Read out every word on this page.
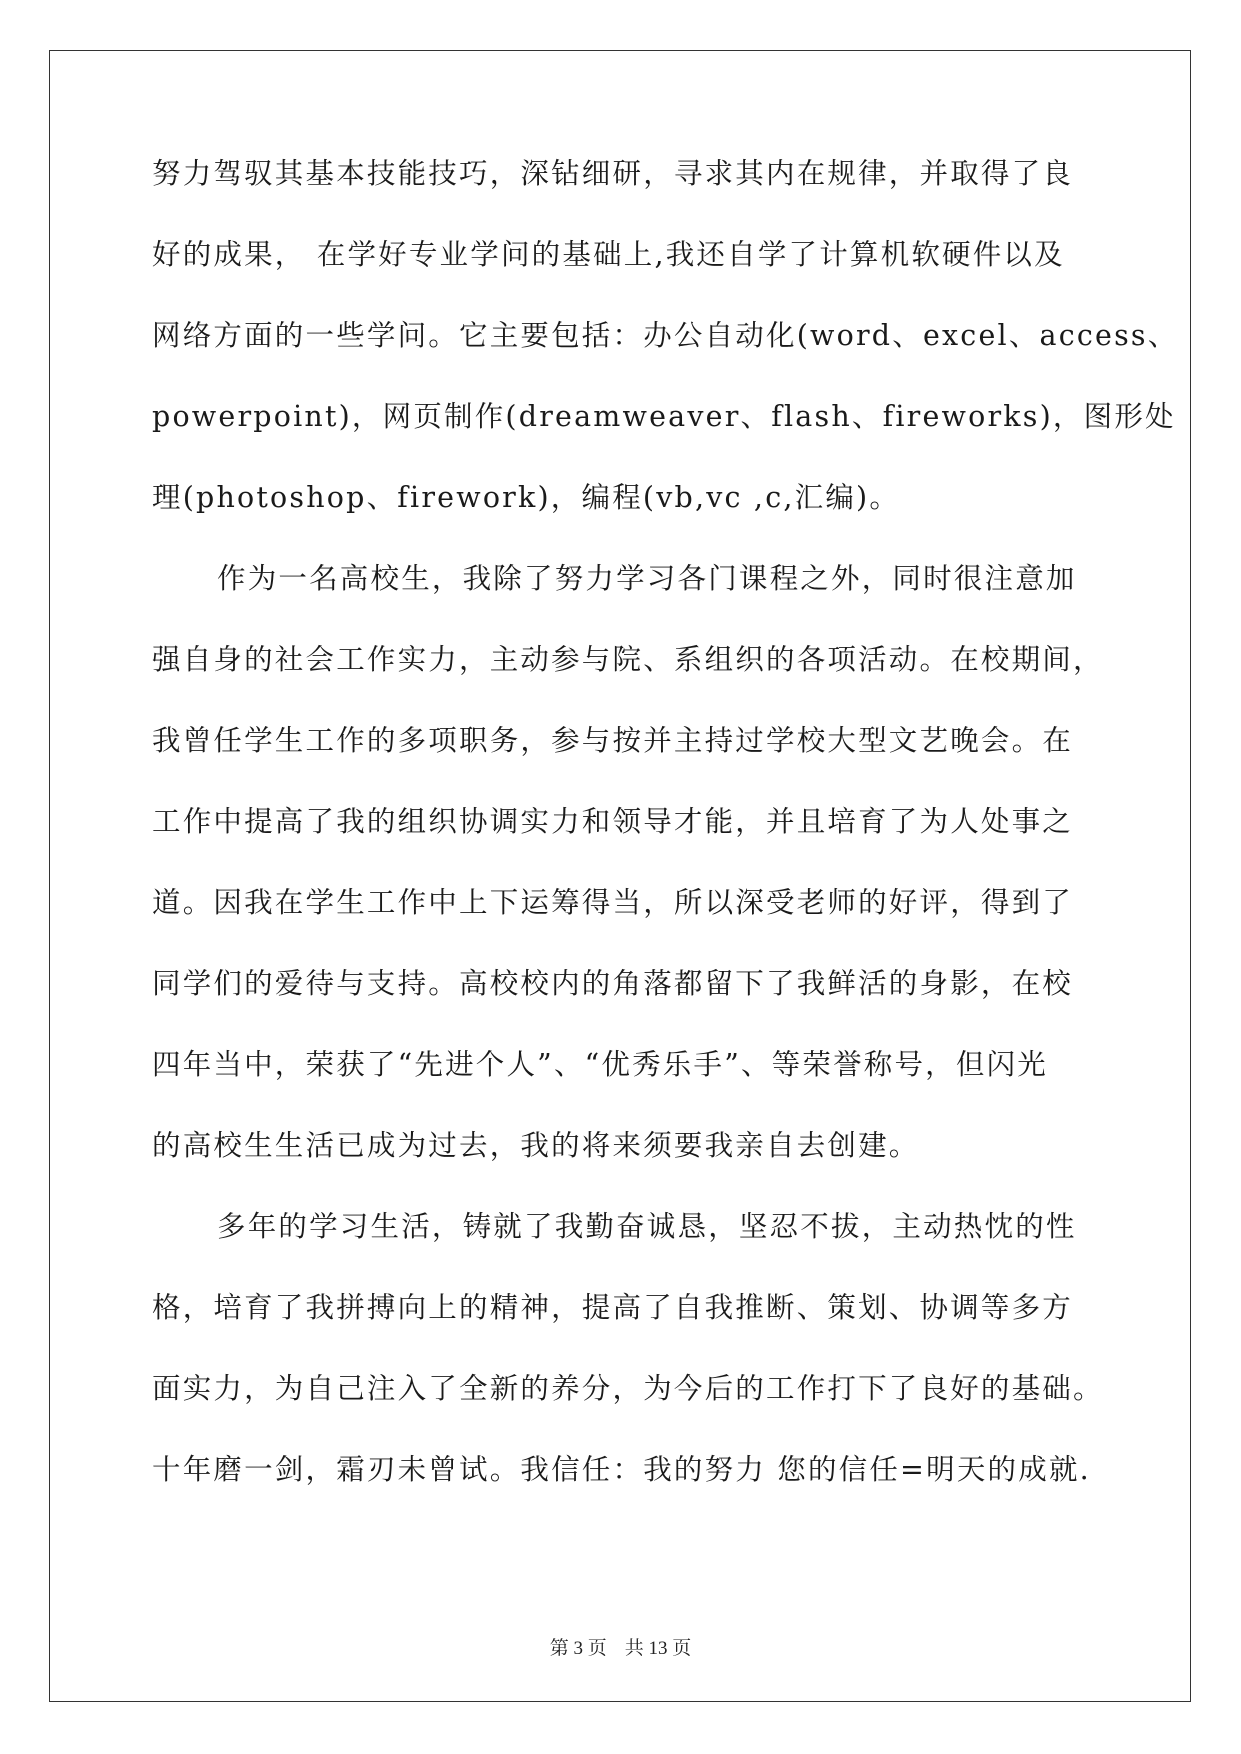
努力驾驭其基本技能技巧，深钻细研，寻求其内在规律，并取得了良
好的成果， 在学好专业学问的基础上,我还自学了计算机软硬件以及
网络方面的一些学问。它主要包括：办公自动化(word、excel、access、
powerpoint)，网页制作(dreamweaver、flash、fireworks)，图形处
理(photoshop、firework)，编程(vb,vc ,c,汇编)。
作为一名高校生，我除了努力学习各门课程之外，同时很注意加
强自身的社会工作实力，主动参与院、系组织的各项活动。在校期间，
我曾任学生工作的多项职务，参与按并主持过学校大型文艺晚会。在
工作中提高了我的组织协调实力和领导才能，并且培育了为人处事之
道。因我在学生工作中上下运筹得当，所以深受老师的好评，得到了
同学们的爱待与支持。高校校内的角落都留下了我鲜活的身影，在校
四年当中，荣获了“先进个人”、“优秀乐手”、等荣誉称号，但闪光
的高校生生活已成为过去，我的将来须要我亲自去创建。
多年的学习生活，铸就了我勤奋诚恳，坚忍不拔，主动热忱的性
格，培育了我拼搏向上的精神，提高了自我推断、策划、协调等多方
面实力，为自己注入了全新的养分，为今后的工作打下了良好的基础。
十年磨一剑，霜刃未曾试。我信任：我的努力 您的信任=明天的成就.
第 3 页 共 13 页
